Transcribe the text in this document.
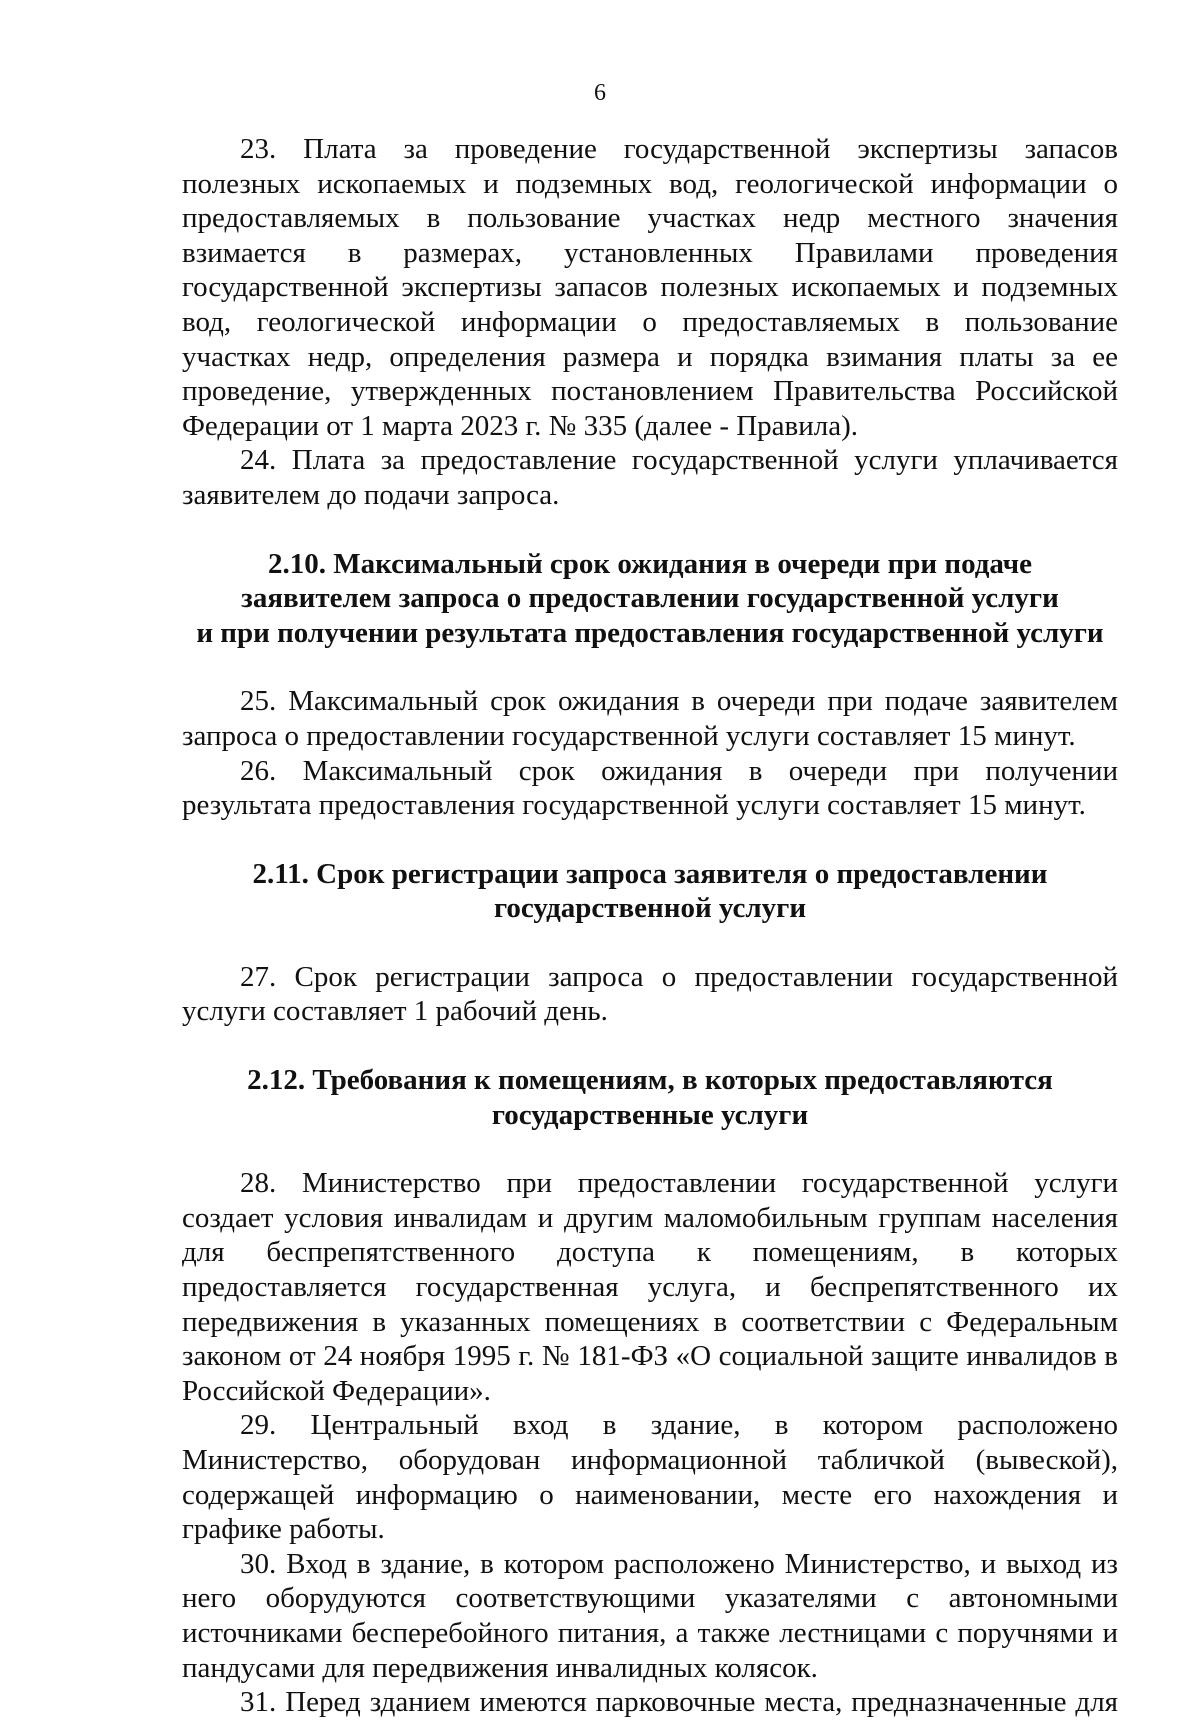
6

23. Плата за проведение государственной экспертизы запасов полезных ископаемых и подземных вод, геологической информации о предоставляемых в пользование участках недр местного значения взимается в размерах, установленных Правилами проведения государственной экспертизы запасов полезных ископаемых и подземных вод, геологической информации о предоставляемых в пользование участках недр, определения размера и порядка взимания платы за ее проведение, утвержденных постановлением Правительства Российской Федерации от 1 марта 2023 г. № 335 (далее - Правила).

24. Плата за предоставление государственной услуги уплачивается заявителем до подачи запроса.

2.10. Максимальный срок ожидания в очереди при подаче
заявителем запроса о предоставлении государственной услуги
и при получении результата предоставления государственной услуги

25. Максимальный срок ожидания в очереди при подаче заявителем запроса о предоставлении государственной услуги составляет 15 минут.

26. Максимальный срок ожидания в очереди при получении результата предоставления государственной услуги составляет 15 минут.

2.11. Срок регистрации запроса заявителя о предоставлении
государственной услуги

27. Срок регистрации запроса о предоставлении государственной услуги составляет 1 рабочий день.

2.12. Требования к помещениям, в которых предоставляются
государственные услуги

28. Министерство при предоставлении государственной услуги создает условия инвалидам и другим маломобильным группам населения для беспрепятственного доступа к помещениям, в которых предоставляется государственная услуга, и беспрепятственного их передвижения в указанных помещениях в соответствии с Федеральным законом от 24 ноября 1995 г. № 181-ФЗ «О социальной защите инвалидов в Российской Федерации».

29. Центральный вход в здание, в котором расположено Министерство, оборудован информационной табличкой (вывеской), содержащей информацию о наименовании, месте его нахождения и графике работы.

30. Вход в здание, в котором расположено Министерство, и выход из него оборудуются соответствующими указателями с автономными источниками бесперебойного питания, а также лестницами с поручнями и пандусами для передвижения инвалидных колясок.

31. Перед зданием имеются парковочные места, предназначенные для
